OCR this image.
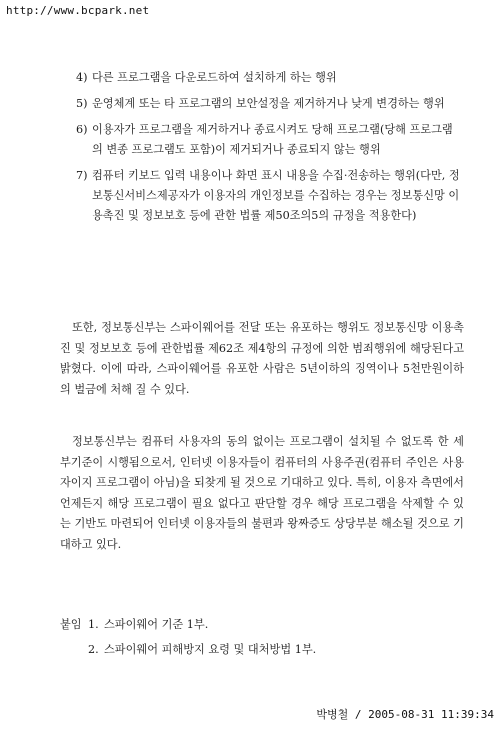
http://www.bcpark.net
4) 다른 프로그램을 다운로드하여 설치하게 하는 행위
5) 운영체계 또는 타 프로그램의 보안설정을 제거하거나 낮게 변경하는 행위
6) 이용자가 프로그램을 제거하거나 종료시켜도 당해 프로그램(당해 프로그램의 변종 프로그램도 포함)이 제거되거나 종료되지 않는 행위
7) 컴퓨터 키보드 입력 내용이나 화면 표시 내용을 수집·전송하는 행위(다만, 정보통신서비스제공자가 이용자의 개인정보를 수집하는 경우는 정보통신망 이용촉진 및 정보보호 등에 관한 법률 제50조의5의 규정을 적용한다)

또한, 정보통신부는 스파이웨어를 전달 또는 유포하는 행위도 정보통신망 이용촉진 및 정보보호 등에 관한법률 제62조 제4항의 규정에 의한 범죄행위에 해당된다고 밝혔다. 이에 따라, 스파이웨어를 유포한 사람은 5년이하의 징역이나 5천만원이하의 벌금에 처해 질 수 있다.

정보통신부는 컴퓨터 사용자의 동의 없이는 프로그램이 설치될 수 없도록 한 세부기준이 시행됨으로서, 인터넷 이용자들이 컴퓨터의 사용주권(컴퓨터 주인은 사용자이지 프로그램이 아님)을 되찾게 될 것으로 기대하고 있다. 특히, 이용자 측면에서 언제든지 해당 프로그램이 필요 없다고 판단할 경우 해당 프로그램을 삭제할 수 있는 기반도 마련되어 인터넷 이용자들의 불편과 왕짜증도 상당부분 해소될 것으로 기대하고 있다.

붙임 1. 스파이웨어 기준 1부.
2. 스파이웨어 피해방지 요령 및 대처방법 1부.
박병철 / 2005-08-31 11:39:34
